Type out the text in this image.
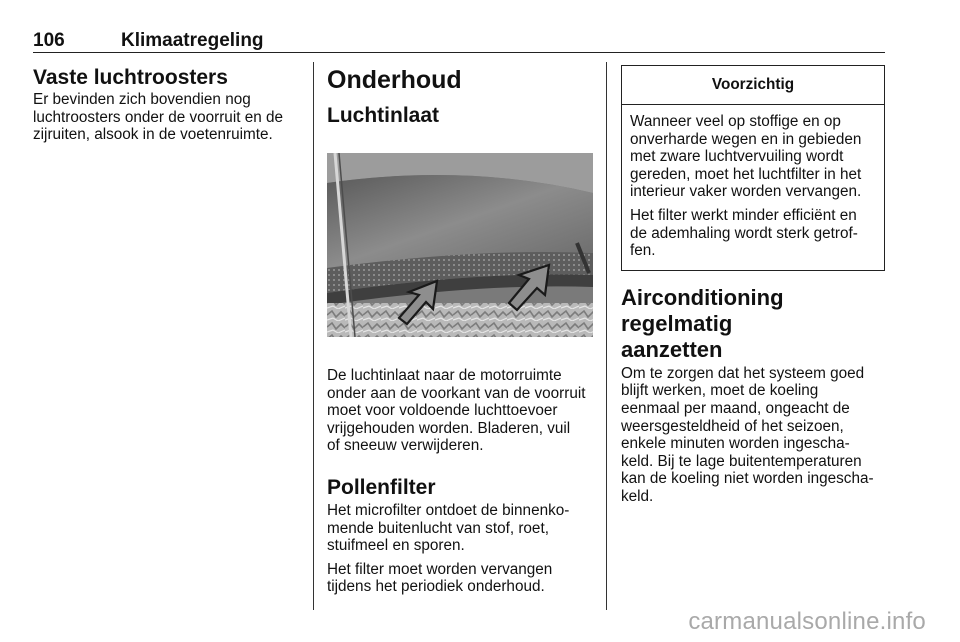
106	Klimaatregeling
Vaste luchtroosters

Er bevinden zich bovendien nog
luchtroosters onder de voorruit en de
zijruiten, alsook in de voetenruimte.

Onderhoud
Luchtinlaat

De luchtinlaat naar de motorruimte
onder aan de voorkant van de voorruit
moet voor voldoende luchttoevoer
vrijgehouden worden. Bladeren, vuil
of sneeuw verwijderen.

Pollenfilter

Het microfilter ontdoet de binnenko-
mende buitenlucht van stof, roet,
stuifmeel en sporen.

Het filter moet worden vervangen
tijdens het periodiek onderhoud.

Voorzichtig

Wanneer veel op stoffige en op
onverharde wegen en in gebieden
met zware luchtvervuiling wordt
gereden, moet het luchtfilter in het
interieur vaker worden vervangen.

Het filter werkt minder efficiënt en
de ademhaling wordt sterk getrof-
fen.

Airconditioning regelmatig
aanzetten

Om te zorgen dat het systeem goed
blijft werken, moet de koeling
eenmaal per maand, ongeacht de
weersgesteldheid of het seizoen,
enkele minuten worden ingescha-
keld. Bij te lage buitentemperaturen
kan de koeling niet worden ingescha-
keld.

carmanualsonline.info
